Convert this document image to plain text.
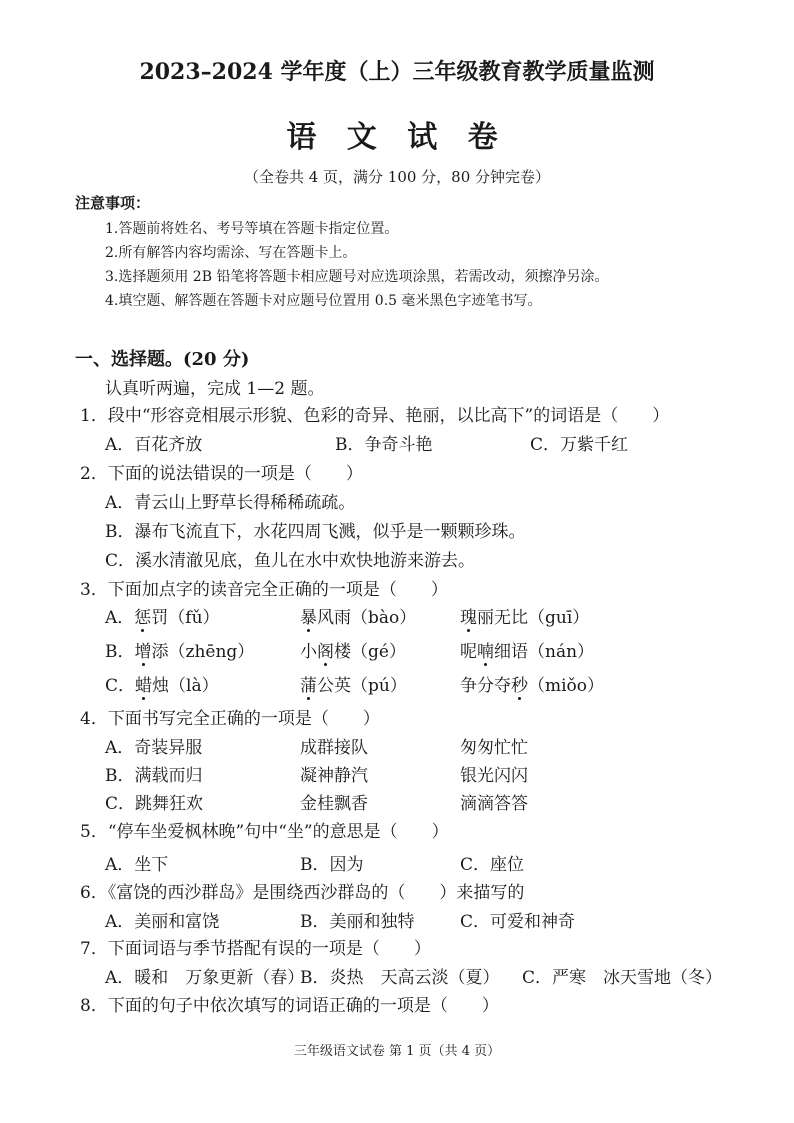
2023–2024 学年度（上）三年级教育教学质量监测
语 文 试 卷
（全卷共 4 页，满分 100 分，80 分钟完卷）
注意事项：
1.答题前将姓名、考号等填在答题卡指定位置。
2.所有解答内容均需涂、写在答题卡上。
3.选择题须用 2B 铅笔将答题卡相应题号对应选项涂黑，若需改动，须擦净另涂。
4.填空题、解答题在答题卡对应题号位置用 0.5 毫米黑色字迹笔书写。
一、选择题。(20 分)
认真听两遍，完成 1—2 题。
1．段中“形容竞相展示形貌、色彩的奇异、艳丽，以比高下”的词语是（　　）
A．百花齐放	B．争奇斗艳	C．万紫千红
2．下面的说法错误的一项是（　　）
A．青云山上野草长得稀稀疏疏。
B．瀑布飞流直下，水花四周飞溅，似乎是一颗颗珍珠。
C．溪水清澈见底，鱼儿在水中欢快地游来游去。
3．下面加点字的读音完全正确的一项是（　　）
A．惩罚（fǔ）	暴风雨（bào）	瑰丽无比（guī）
B．增添（zhēng）	小阁楼（gé）	呢喃细语（nán）
C．蜡烛（là）	蒲公英（pú）	争分夺秒（miǒo）
4．下面书写完全正确的一项是（　　）
A．奇装异服	成群接队	匆匆忙忙
B．满载而归	凝神静汽	银光闪闪
C．跳舞狂欢	金桂飘香	滴滴答答
5．“停车坐爱枫林晚”句中“坐”的意思是（　　）
A．坐下	B．因为	C．座位
6．《富饶的西沙群岛》是围绕西沙群岛的（　　）来描写的
A．美丽和富饶	B．美丽和独特	C．可爱和神奇
7．下面词语与季节搭配有误的一项是（　　）
A．暖和　万象更新（春）
B．炎热　天高云淡（夏） C．严寒　冰天雪地（冬）
8．下面的句子中依次填写的词语正确的一项是（　　）
三年级语文试卷 第 1 页（共 4 页）
